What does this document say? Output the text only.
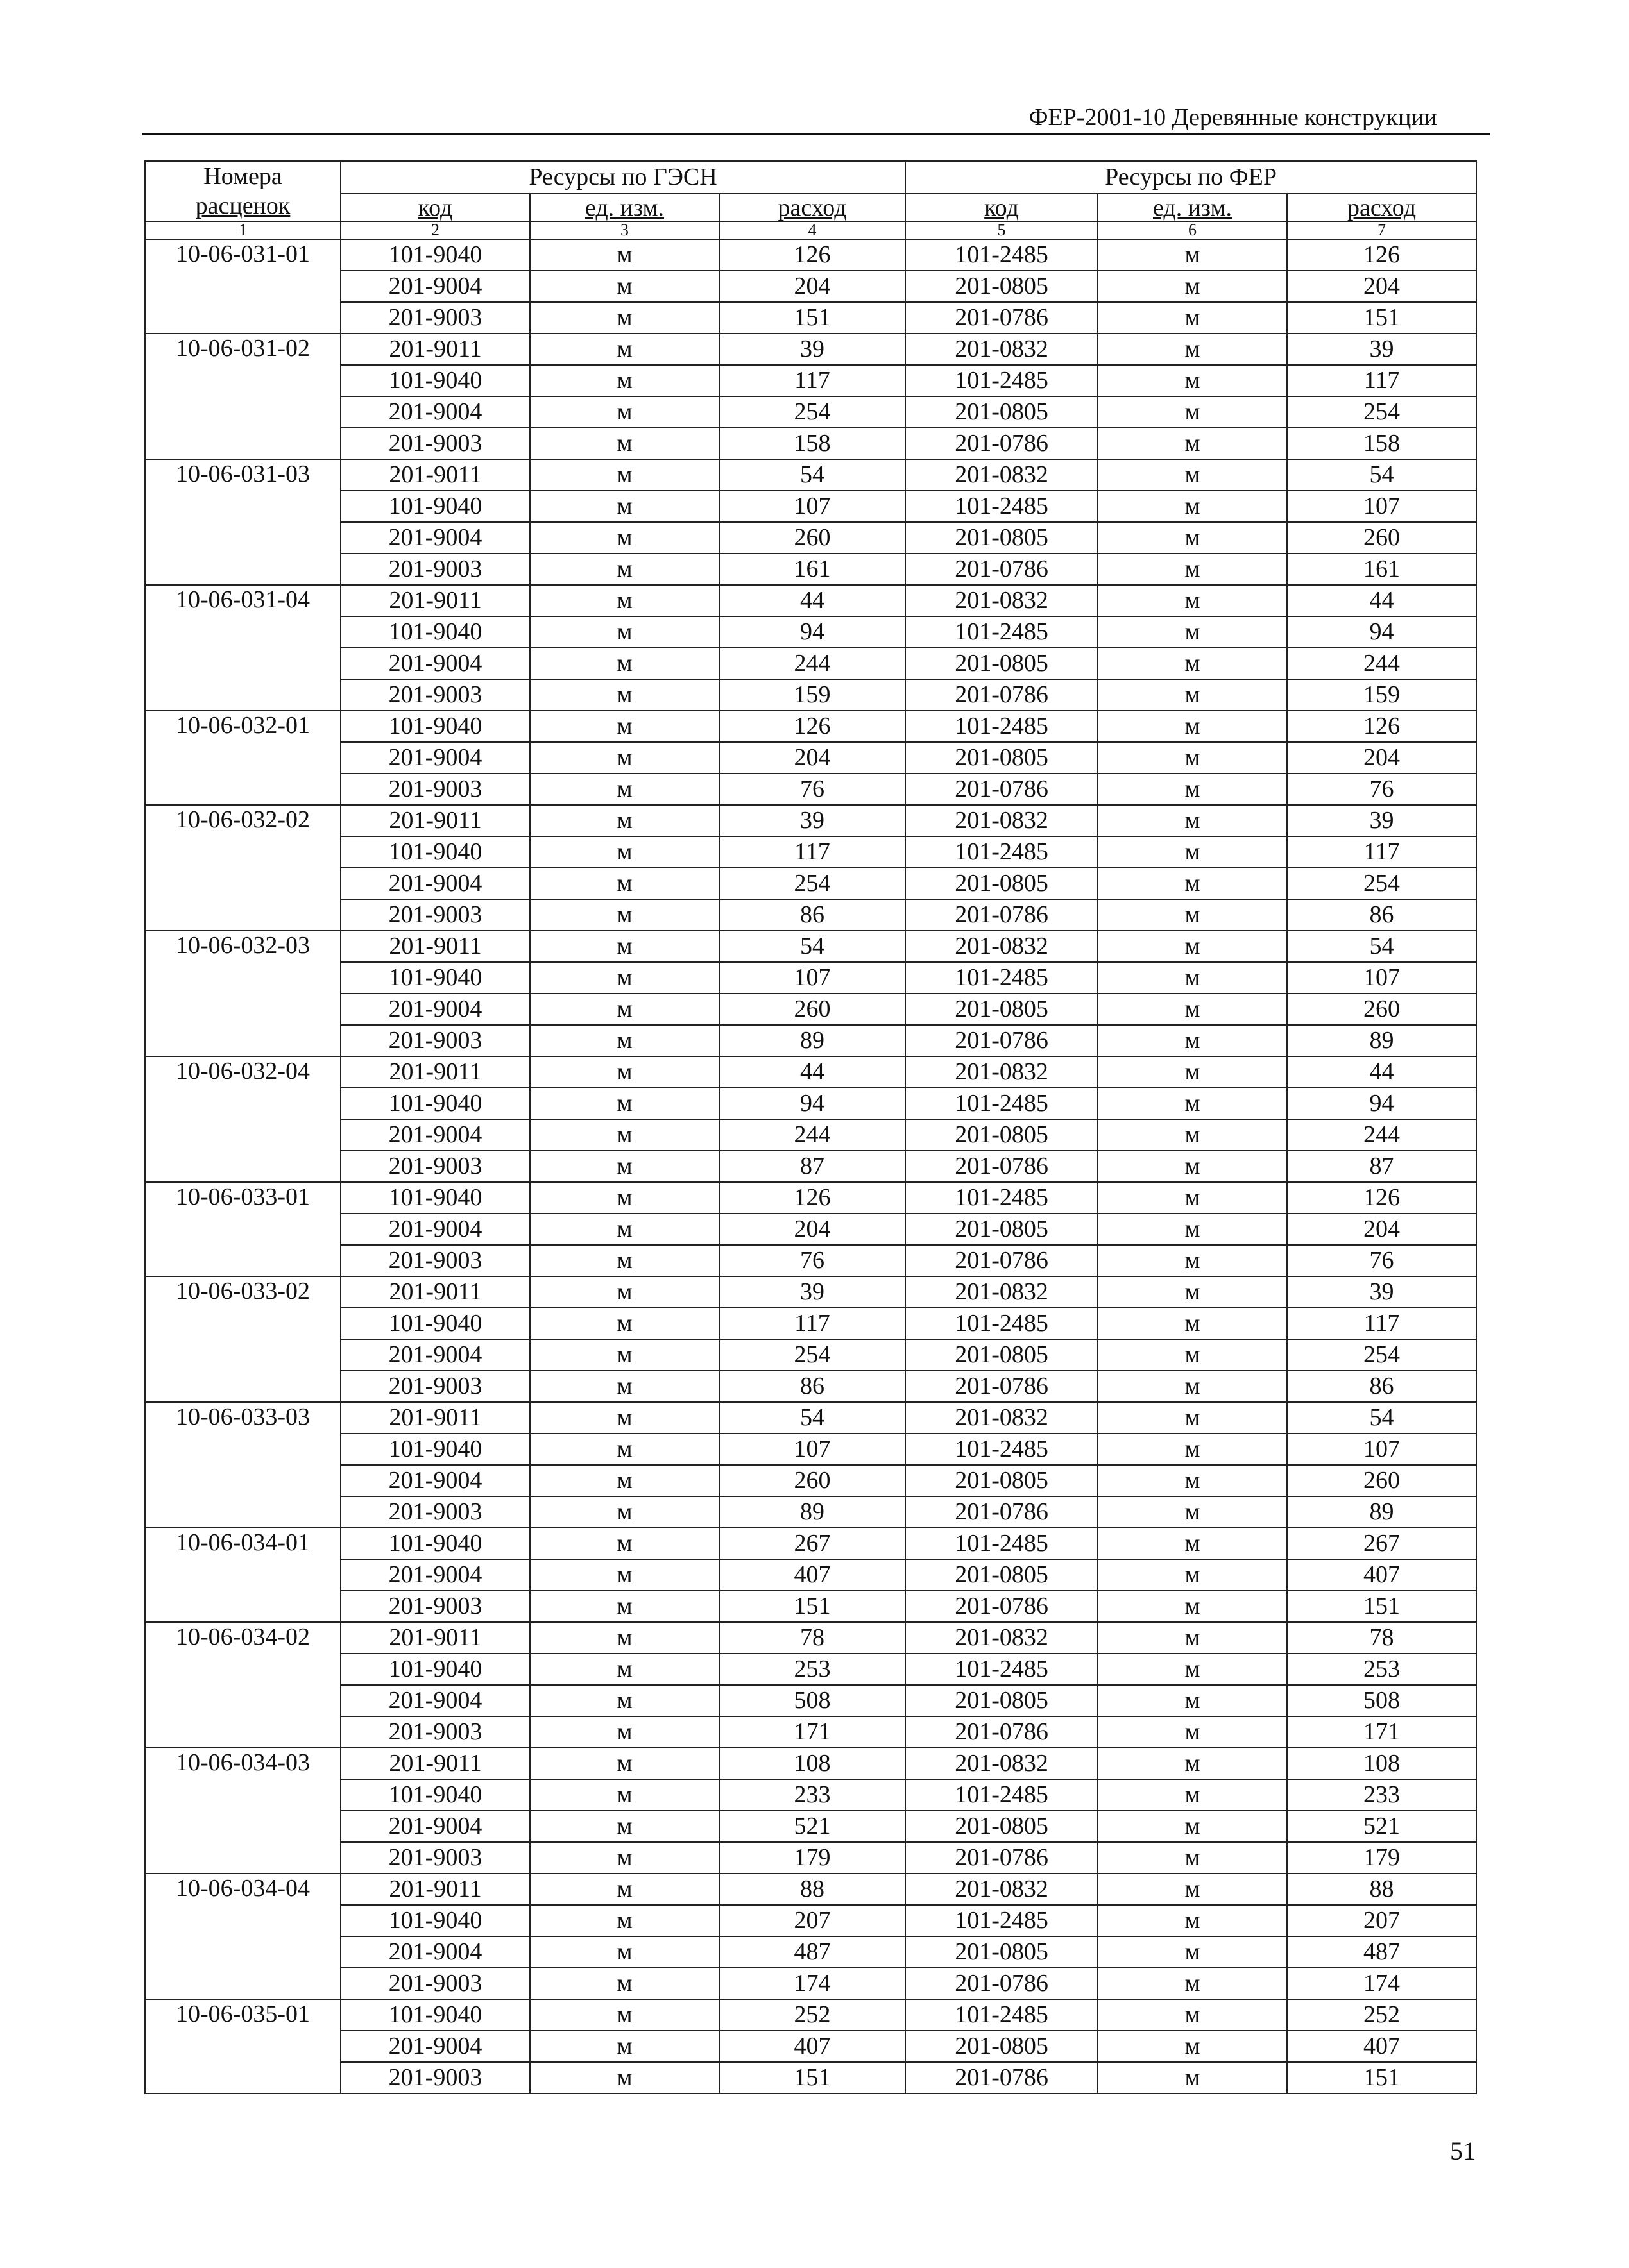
ФЕР-2001-10 Деревянные конструкции
Номера
расценок	Ресурсы по ГЭСН			Ресурсы по ФЕР		
	код	ед. изм.	расход	код	ед. изм.	расход
1	2	3	4	5	6	7
10-06-031-01	101-9040	м	126	101-2485	м	126
	201-9004	м	204	201-0805	м	204
	201-9003	м	151	201-0786	м	151
10-06-031-02	201-9011	м	39	201-0832	м	39
	101-9040	м	117	101-2485	м	117
	201-9004	м	254	201-0805	м	254
	201-9003	м	158	201-0786	м	158
10-06-031-03	201-9011	м	54	201-0832	м	54
	101-9040	м	107	101-2485	м	107
	201-9004	м	260	201-0805	м	260
	201-9003	м	161	201-0786	м	161
10-06-031-04	201-9011	м	44	201-0832	м	44
	101-9040	м	94	101-2485	м	94
	201-9004	м	244	201-0805	м	244
	201-9003	м	159	201-0786	м	159
10-06-032-01	101-9040	м	126	101-2485	м	126
	201-9004	м	204	201-0805	м	204
	201-9003	м	76	201-0786	м	76
10-06-032-02	201-9011	м	39	201-0832	м	39
	101-9040	м	117	101-2485	м	117
	201-9004	м	254	201-0805	м	254
	201-9003	м	86	201-0786	м	86
10-06-032-03	201-9011	м	54	201-0832	м	54
	101-9040	м	107	101-2485	м	107
	201-9004	м	260	201-0805	м	260
	201-9003	м	89	201-0786	м	89
10-06-032-04	201-9011	м	44	201-0832	м	44
	101-9040	м	94	101-2485	м	94
	201-9004	м	244	201-0805	м	244
	201-9003	м	87	201-0786	м	87
10-06-033-01	101-9040	м	126	101-2485	м	126
	201-9004	м	204	201-0805	м	204
	201-9003	м	76	201-0786	м	76
10-06-033-02	201-9011	м	39	201-0832	м	39
	101-9040	м	117	101-2485	м	117
	201-9004	м	254	201-0805	м	254
	201-9003	м	86	201-0786	м	86
10-06-033-03	201-9011	м	54	201-0832	м	54
	101-9040	м	107	101-2485	м	107
	201-9004	м	260	201-0805	м	260
	201-9003	м	89	201-0786	м	89
10-06-034-01	101-9040	м	267	101-2485	м	267
	201-9004	м	407	201-0805	м	407
	201-9003	м	151	201-0786	м	151
10-06-034-02	201-9011	м	78	201-0832	м	78
	101-9040	м	253	101-2485	м	253
	201-9004	м	508	201-0805	м	508
	201-9003	м	171	201-0786	м	171
10-06-034-03	201-9011	м	108	201-0832	м	108
	101-9040	м	233	101-2485	м	233
	201-9004	м	521	201-0805	м	521
	201-9003	м	179	201-0786	м	179
10-06-034-04	201-9011	м	88	201-0832	м	88
	101-9040	м	207	101-2485	м	207
	201-9004	м	487	201-0805	м	487
	201-9003	м	174	201-0786	м	174
10-06-035-01	101-9040	м	252	101-2485	м	252
	201-9004	м	407	201-0805	м	407
	201-9003	м	151	201-0786	м	151
51
